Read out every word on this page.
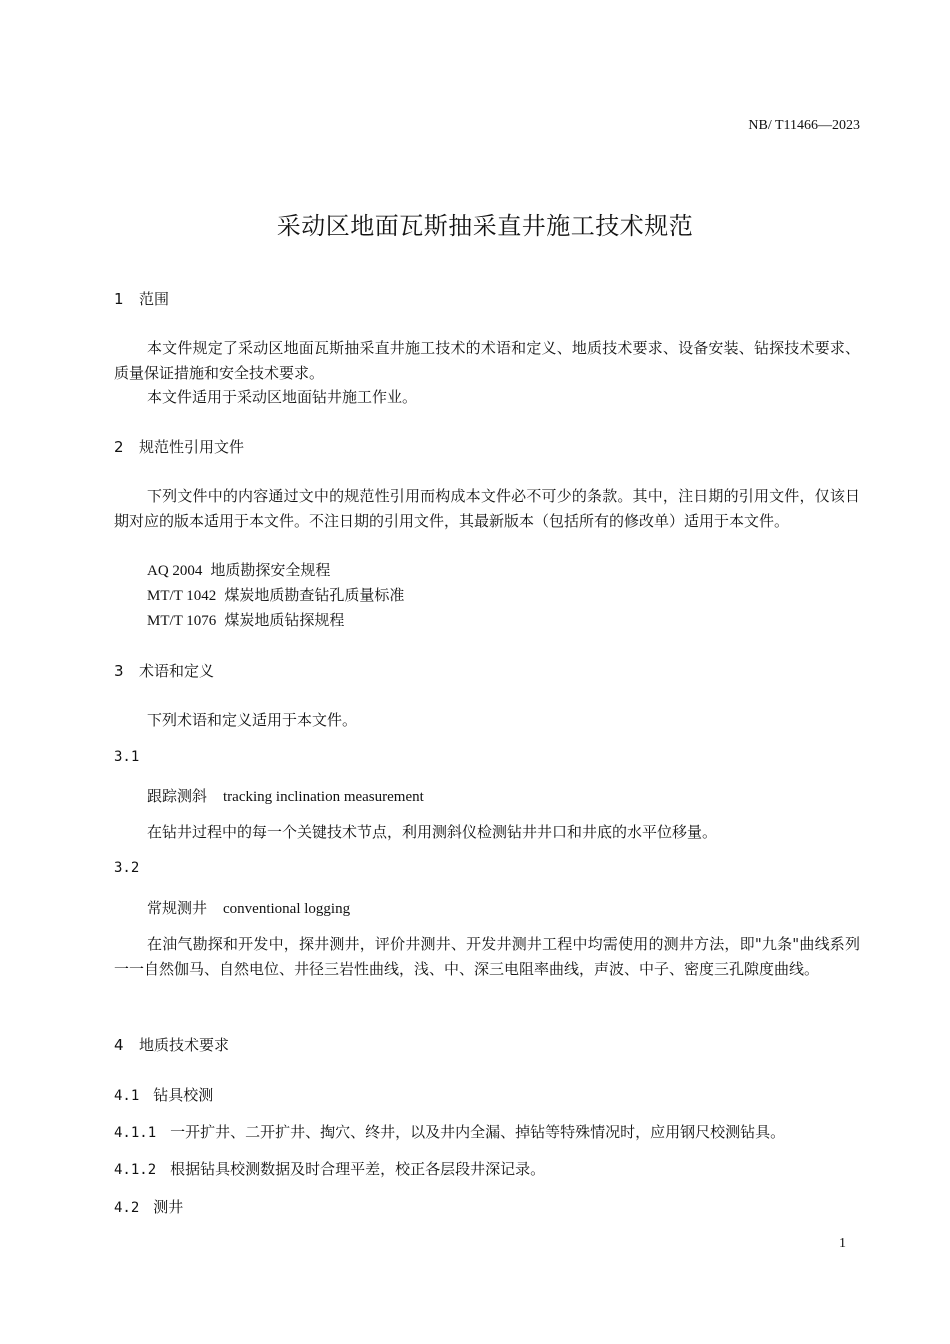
NB/ T11466—2023
采动区地面瓦斯抽采直井施工技术规范
1 范围
本文件规定了采动区地面瓦斯抽采直井施工技术的术语和定义、地质技术要求、设备安装、钻探技术要求、质量保证措施和安全技术要求。
本文件适用于采动区地面钻井施工作业。
2 规范性引用文件
下列文件中的内容通过文中的规范性引用而构成本文件必不可少的条款。其中，注日期的引用文件，仅该日期对应的版本适用于本文件。不注日期的引用文件，其最新版本（包括所有的修改单）适用于本文件。
AQ 2004 地质勘探安全规程
MT/T 1042 煤炭地质勘查钻孔质量标准
MT/T 1076 煤炭地质钻探规程
3 术语和定义
下列术语和定义适用于本文件。
3.1
跟踪测斜 tracking inclination measurement
在钻井过程中的每一个关键技术节点，利用测斜仪检测钻井井口和井底的水平位移量。
3.2
常规测井 conventional logging
在油气勘探和开发中，探井测井，评价井测井、开发井测井工程中均需使用的测井方法，即"九条"曲线系列一一自然伽马、自然电位、井径三岩性曲线，浅、中、深三电阻率曲线，声波、中子、密度三孔隙度曲线。
4 地质技术要求
4.1 钻具校测
4.1.1 一开扩井、二开扩井、掏穴、终井，以及井内全漏、掉钻等特殊情况时，应用钢尺校测钻具。
4.1.2 根据钻具校测数据及时合理平差，校正各层段井深记录。
4.2 测井
1
